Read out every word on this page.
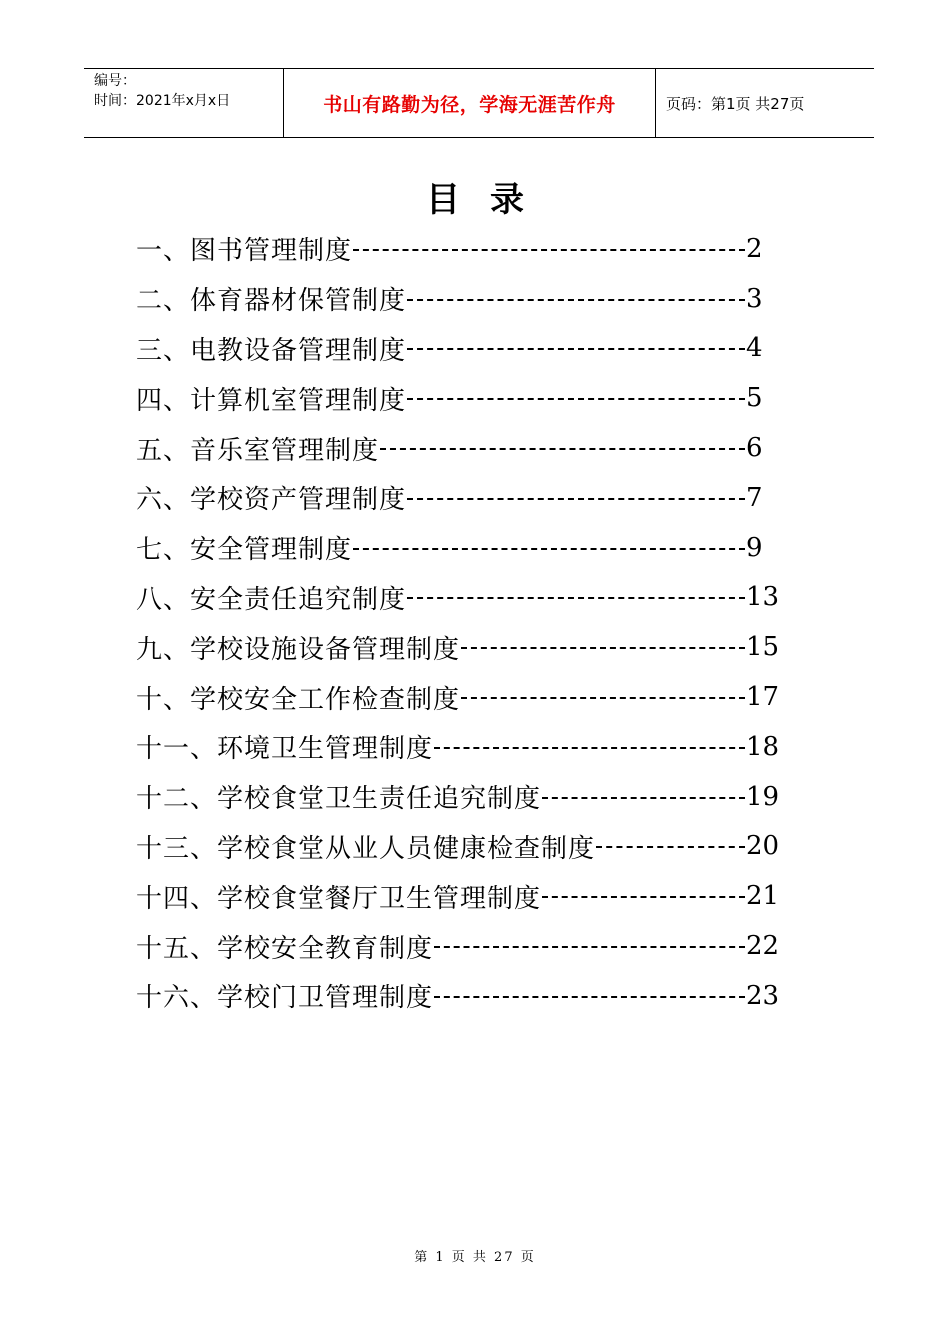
编号：
时间：2021年x月x日	书山有路勤为径，学海无涯苦作舟	页码：第1页 共27页
目录
一、图书管理制度	2
二、体育器材保管制度	3
三、电教设备管理制度	4
四、计算机室管理制度	5
五、音乐室管理制度	6
六、学校资产管理制度	7
七、安全管理制度	9
八、安全责任追究制度	13
九、学校设施设备管理制度	15
十、学校安全工作检查制度	17
十一、环境卫生管理制度	18
十二、学校食堂卫生责任追究制度	19
十三、学校食堂从业人员健康检查制度	20
十四、学校食堂餐厅卫生管理制度	21
十五、学校安全教育制度	22
十六、学校门卫管理制度	23
第 1 页 共 27 页
